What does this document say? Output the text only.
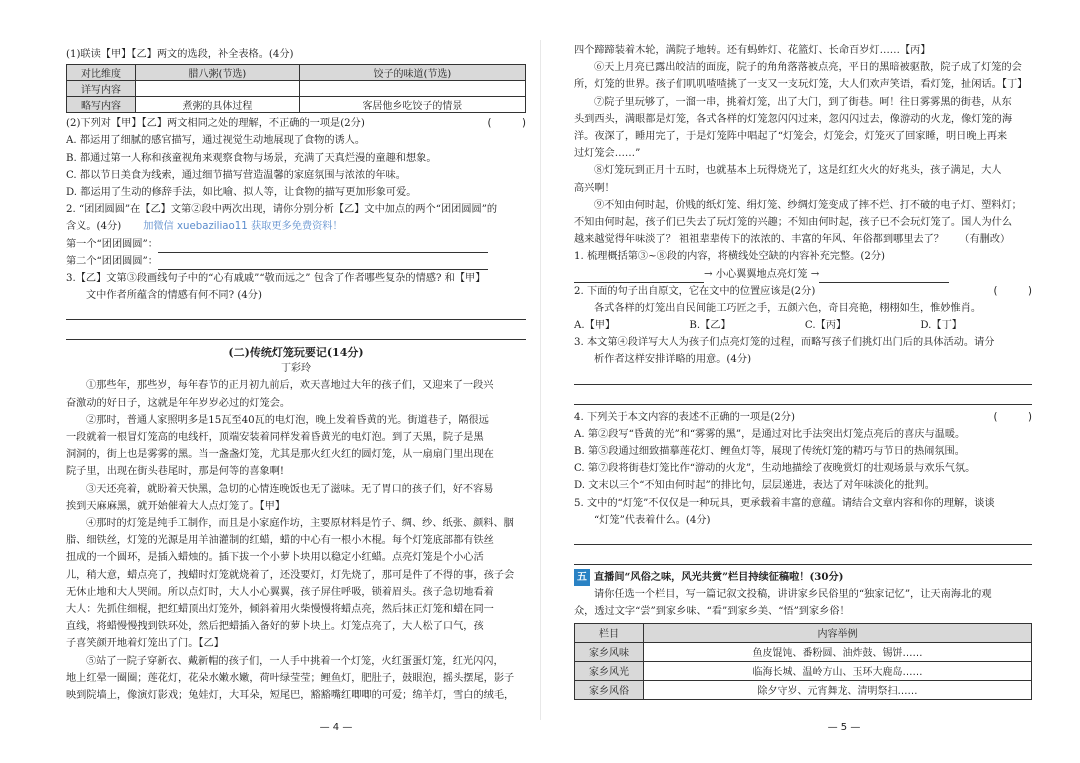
(1)联读【甲】【乙】两文的选段，补全表格。(4分)
对比维度	腊八粥(节选)	饺子的味道(节选)
详写内容		
略写内容	煮粥的具体过程	客居他乡吃饺子的情景
(2)下列对【甲】【乙】两文相同之处的理解，不正确的一项是(2分)	(　　　)
A. 都运用了细腻的感官描写，通过视觉生动地展现了食物的诱人。
B. 都通过第一人称和孩童视角来观察食物与场景，充满了天真烂漫的童趣和想象。
C. 都以节日美食为线索，通过细节描写营造温馨的家庭氛围与浓浓的年味。
D. 都运用了生动的修辞手法，如比喻、拟人等，让食物的描写更加形象可爱。
2. “团团圆圆”在【乙】文第②段中两次出现，请你分别分析【乙】文中加点的两个“团团圆圆”的
含义。(4分) 加微信 xuebaziliao11 获取更多免费资料！
第一个“团团圆圆”：
第二个“团团圆圆”：
3.【乙】文第③段画线句子中的“心有戚戚”“敬而远之” 包含了作者哪些复杂的情感? 和【甲】
文中作者所蕴含的情感有何不同? (4分)
(二)传统灯笼玩要记(14分)
丁彩玲
①那些年，那些岁，每年春节的正月初九前后，欢天喜地过大年的孩子们，又迎来了一段兴
奋激动的好日子，这就是年年岁岁必过的灯笼会。
②那时，普通人家照明多是15瓦至40瓦的电灯泡，晚上发着昏黄的光。街道巷子，隔很远
一段就着一根冒灯笼高的电线杆，顶端安装着同样发着昏黄光的电灯泡。到了天黑，院子是黑
洞洞的，街上也是雾雾的黑。当一盏盏灯笼，尤其是那火红火红的圆灯笼，从一扇扇门里出现在
院子里，出现在街头巷尾时，那是何等的喜象啊!
③天还亮着，就盼着天快黑，急切的心情连晚饭也无了滋味。无了胃口的孩子们，好不容易
挨到天麻麻黑，就开始催着大人点灯笼了。【甲】
④那时的灯笼是纯手工制作，而且是小家庭作坊，主要原材料是竹子、绸、纱、纸张、颜料、胭
脂、细铁丝，灯笼的光源是用羊油灌制的红蜡，蜡的中心有一根小木棍。每个灯笼底部都有铁丝
扭成的一个圆环，是插入蜡烛的。插下拔一个小萝卜块用以稳定小红蜡。点亮灯笼是个小心活
儿，稍大意，蜡点亮了，拽蜡时灯笼就烧着了，还没要灯，灯先烧了，那可是件了不得的事，孩子会
无休止地和大人哭闹。所以点灯时，大人小心翼翼，孩子屏住呼吸，锁着眉头。孩子急切地看着
大人：先抓住细棍，把红蜡顶出灯笼外，倾斜着用火柴慢慢将蜡点亮，然后抹正灯笼和蜡在同一
直线，将蜡慢慢拽到铁环处，然后把蜡插入备好的萝卜块上。灯笼点亮了，大人松了口气，孩
子喜笑颜开地着灯笼出了门。【乙】
⑤站了一院子穿新衣、戴新帽的孩子们，一人手中挑着一个灯笼，火红蛋蛋灯笼，红光闪闪，
地上红晕一圈圈；莲花灯，花朵水嫩水嫩，荷叶绿莹莹；鲤鱼灯，肥肚子，鼓眼泡，摇头摆尾，影子
映到院墙上，像演灯影戏；兔娃灯，大耳朵，短尾巴，豁豁嘴红唧唧的可爱；绵羊灯，雪白的绒毛，
— 4 —
四个蹄蹄装着木轮，满院子地转。还有蚂蚱灯、花篮灯、长命百岁灯……【丙】
⑥天上月亮已露出皎洁的面庞，院子的角角落落被点亮，平日的黑暗被驱散，院子成了灯笼的会
所，灯笼的世界。孩子们叽叽喳喳挑了一支又一支玩灯笼，大人们欢声笑语，看灯笼，扯闲话。【丁】
⑦院子里玩够了，一溜一串，挑着灯笼，出了大门，到了街巷。呵！往日雾雾黑的街巷，从东
头到西头，满眼都是灯笼，各式各样的灯笼忽闪闪过来，忽闪闪过去，像游动的火龙，像灯笼的海
洋。夜深了，睡用完了，于是灯笼阵中唱起了“灯笼会，灯笼会，灯笼灭了回家睡，明日晚上再来
过灯笼会……”
⑧灯笼玩到正月十五时，也就基本上玩得烧光了，这是红红火火的好兆头，孩子满足，大人
高兴啊！
⑨不知由何时起，价贱的纸灯笼、绢灯笼、纱绸灯笼变成了摔不烂、打不破的电子灯、塑料灯；
不知由何时起，孩子们已失去了玩灯笼的兴趣；不知由何时起，孩子已不会玩灯笼了。国人为什么
越来越觉得年味淡了？ 祖祖辈辈传下的浓浓的、丰富的年风、年俗都到哪里去了？　　（有删改）
1. 梳理概括第③~⑧段的内容，将横线处空缺的内容补充完整。(2分)
→ 小心翼翼地点亮灯笼 →
2. 下面的句子出自原文，它在文中的位置应该是(2分)	(　　　)
各式各样的灯笼出自民间能工巧匠之手，五颜六色，奇目亮艳，栩栩如生，惟妙惟肖。
A.【甲】	B.【乙】	C.【丙】	D.【丁】
3. 本文第④段详写大人为孩子们点亮灯笼的过程，而略写孩子们挑灯出门后的具体活动。请分
析作者这样安排详略的用意。(4分)
4. 下列关于本文内容的表述不正确的一项是(2分)	(　　　)
A. 第②段写“昏黄的光”和“雾雾的黑”，是通过对比手法突出灯笼点亮后的喜庆与温暖。
B. 第⑤段通过细致描摹莲花灯、鲤鱼灯等，展现了传统灯笼的精巧与节日的热闹氛围。
C. 第⑦段将街巷灯笼比作“游动的火龙”，生动地描绘了夜晚赏灯的壮观场景与欢乐气氛。
D. 文末以三个“不知由何时起”的排比句，层层递进，表达了对年味淡化的批判。
5. 文中的“灯笼”不仅仅是一种玩具，更承载着丰富的意蕴。请结合文章内容和你的理解，谈谈
“灯笼”代表着什么。(4分)
五 直播间“风俗之味，风光共赏”栏目持续征稿啦！(30分)
请你任选一个栏目，写一篇记叙文投稿，讲讲家乡民俗里的“独家记忆”，让天南海北的观
众，透过文字“尝”到家乡味、“看”到家乡美、“悟”到家乡俗！
栏目	内容举例
家乡风味	鱼皮馄饨、番粉圆、油炸鼓、锡饼……
家乡风光	临海长城、温岭方山、玉环大鹿岛……
家乡风俗	除夕守岁、元宵舞龙、清明祭扫……
— 5 —
